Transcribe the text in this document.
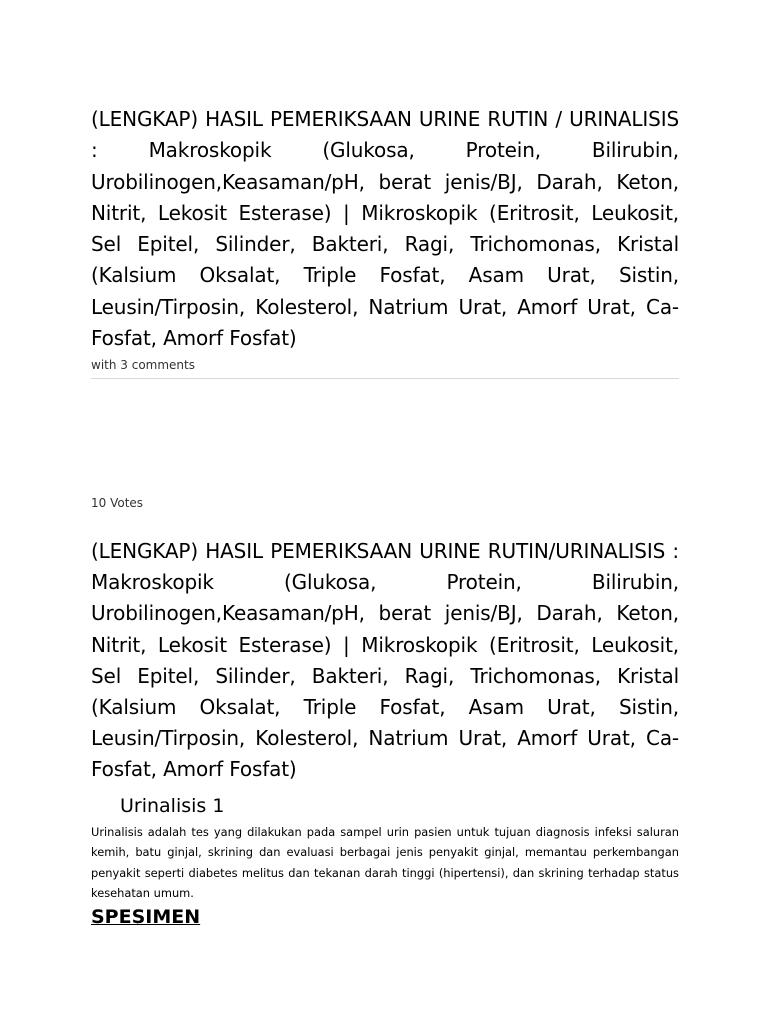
(LENGKAP) HASIL PEMERIKSAAN URINE RUTIN / URINALISIS : Makroskopik (Glukosa, Protein, Bilirubin, Urobilinogen,Keasaman/pH, berat jenis/BJ, Darah, Keton, Nitrit, Lekosit Esterase) | Mikroskopik (Eritrosit, Leukosit, Sel Epitel, Silinder, Bakteri, Ragi, Trichomonas, Kristal (Kalsium Oksalat, Triple Fosfat, Asam Urat, Sistin, Leusin/Tirposin, Kolesterol, Natrium Urat, Amorf Urat, Ca-Fosfat, Amorf Fosfat)
with 3 comments
10 Votes
(LENGKAP) HASIL PEMERIKSAAN URINE RUTIN/URINALISIS : Makroskopik (Glukosa, Protein, Bilirubin, Urobilinogen,Keasaman/pH, berat jenis/BJ, Darah, Keton, Nitrit, Lekosit Esterase) | Mikroskopik (Eritrosit, Leukosit, Sel Epitel, Silinder, Bakteri, Ragi, Trichomonas, Kristal (Kalsium Oksalat, Triple Fosfat, Asam Urat, Sistin, Leusin/Tirposin, Kolesterol, Natrium Urat, Amorf Urat, Ca-Fosfat, Amorf Fosfat)
Urinalisis 1

Urinalisis adalah tes yang dilakukan pada sampel urin pasien untuk tujuan diagnosis infeksi saluran kemih, batu ginjal, skrining dan evaluasi berbagai jenis penyakit ginjal, memantau perkembangan penyakit seperti diabetes melitus dan tekanan darah tinggi (hipertensi), dan skrining terhadap status kesehatan umum.

SPESIMEN
